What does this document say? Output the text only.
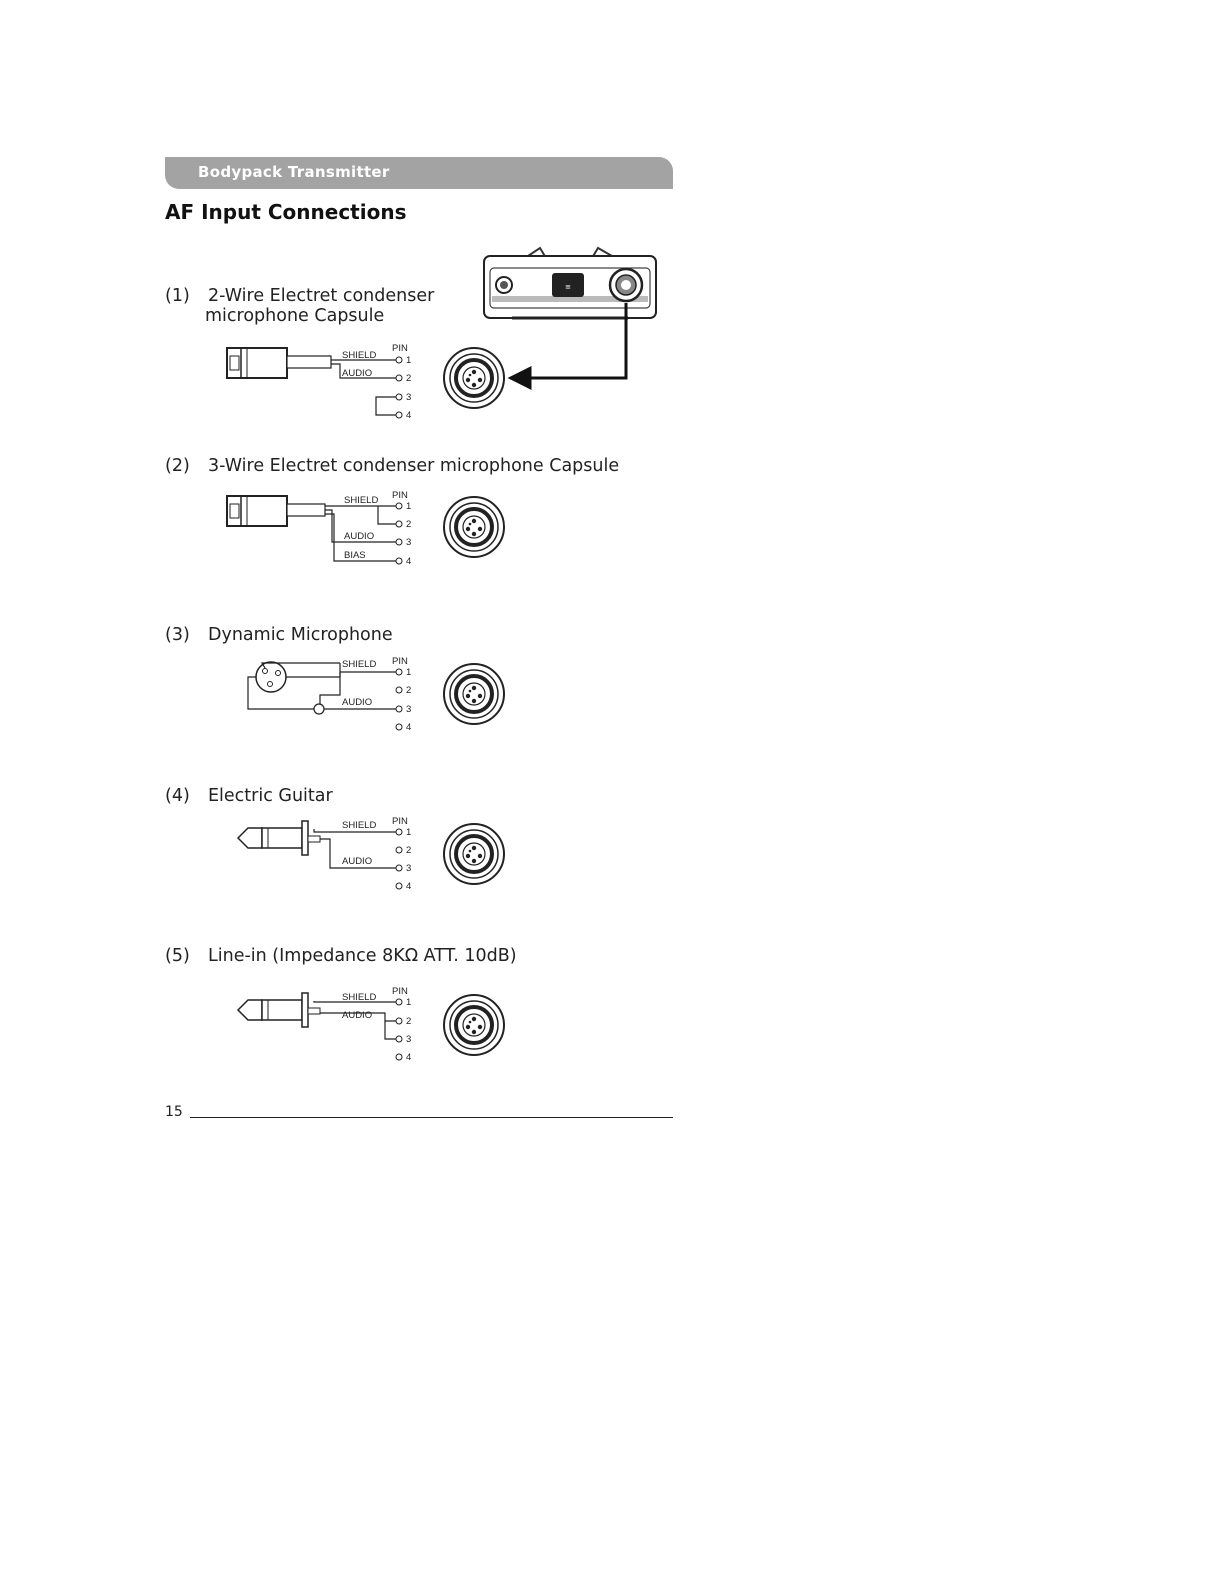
Bodypack Transmitter
AF Input Connections
(1) 2-Wire Electret condenser
microphone Capsule
(2) 3-Wire Electret condenser microphone Capsule
(3) Dynamic Microphone
(4) Electric Guitar
(5) Line-in (Impedance 8KΩ ATT. 10dB)
≡
SHIELD
AUDIO
PIN
1
2
3
4
SHIELD
AUDIO
BIAS
PIN
1
2
3
4
SHIELD
AUDIO
PIN
1
2
3
4
SHIELD
AUDIO
PIN
1
2
3
4
SHIELD
AUDIO
PIN
1
2
3
4
15
